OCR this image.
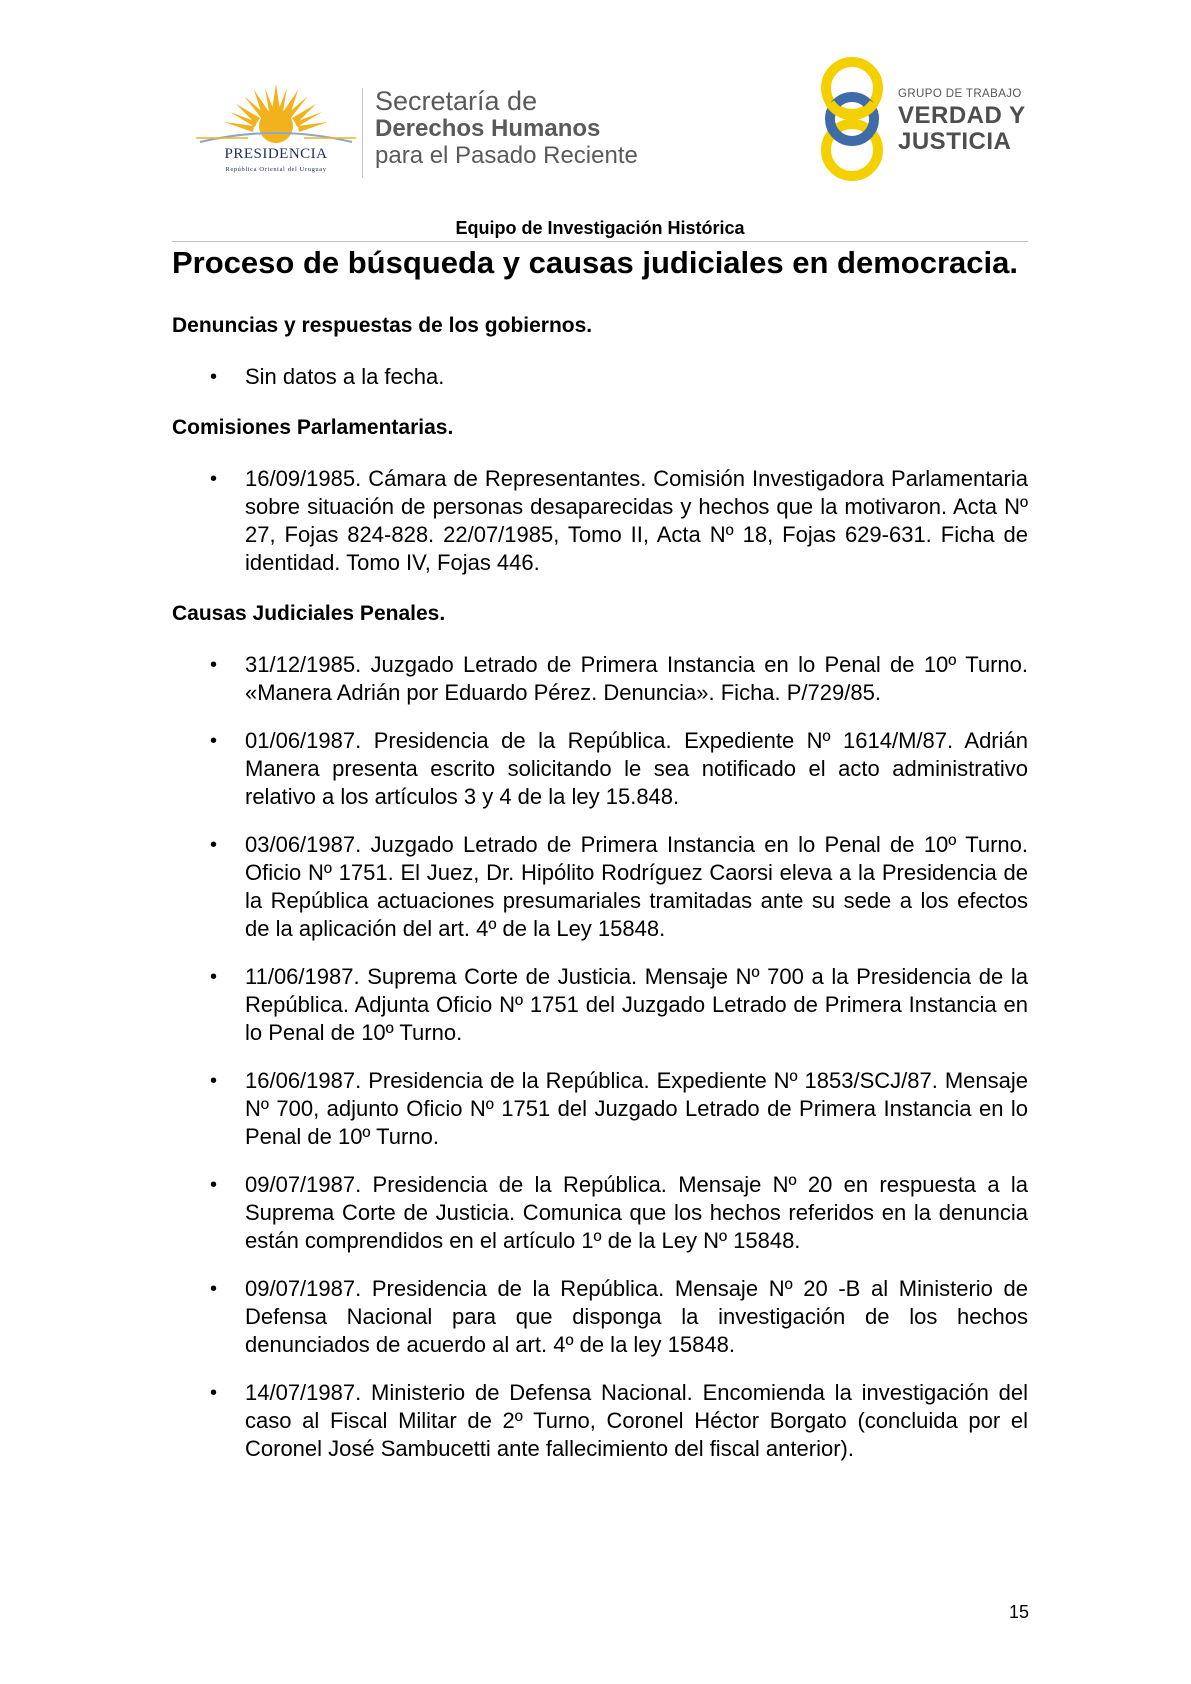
PRESIDENCIA
República Oriental del Uruguay
Secretaría de
Derechos Humanos
para el Pasado Reciente
GRUPO DE TRABAJO
VERDAD Y
JUSTICIA
Equipo de Investigación Histórica
Proceso de búsqueda y causas judiciales en democracia.
Denuncias y respuestas de los gobiernos.
• Sin datos a la fecha.
Comisiones Parlamentarias.
• 16/09/1985. Cámara de Representantes. Comisión Investigadora Parlamentaria sobre situación de personas desaparecidas y hechos que la motivaron. Acta Nº 27, Fojas 824-828. 22/07/1985, Tomo II, Acta Nº 18, Fojas 629-631. Ficha de identidad. Tomo IV, Fojas 446.
Causas Judiciales Penales.
• 31/12/1985. Juzgado Letrado de Primera Instancia en lo Penal de 10º Turno. «Manera Adrián por Eduardo Pérez. Denuncia». Ficha. P/729/85.
• 01/06/1987. Presidencia de la República. Expediente Nº 1614/M/87. Adrián Manera presenta escrito solicitando le sea notificado el acto administrativo relativo a los artículos 3 y 4 de la ley 15.848.
• 03/06/1987. Juzgado Letrado de Primera Instancia en lo Penal de 10º Turno. Oficio Nº 1751. El Juez, Dr. Hipólito Rodríguez Caorsi eleva a la Presidencia de la República actuaciones presumariales tramitadas ante su sede a los efectos de la aplicación del art. 4º de la Ley 15848.
• 11/06/1987. Suprema Corte de Justicia. Mensaje Nº 700 a la Presidencia de la República. Adjunta Oficio Nº 1751 del Juzgado Letrado de Primera Instancia en lo Penal de 10º Turno.
• 16/06/1987. Presidencia de la República. Expediente Nº 1853/SCJ/87. Mensaje Nº 700, adjunto Oficio Nº 1751 del Juzgado Letrado de Primera Instancia en lo Penal de 10º Turno.
• 09/07/1987. Presidencia de la República. Mensaje Nº 20 en respuesta a la Suprema Corte de Justicia. Comunica que los hechos referidos en la denuncia están comprendidos en el artículo 1º de la Ley Nº 15848.
• 09/07/1987. Presidencia de la República. Mensaje Nº 20 -B al Ministerio de Defensa Nacional para que disponga la investigación de los hechos denunciados de acuerdo al art. 4º de la ley 15848.
• 14/07/1987. Ministerio de Defensa Nacional. Encomienda la investigación del caso al Fiscal Militar de 2º Turno, Coronel Héctor Borgato (concluida por el Coronel José Sambucetti ante fallecimiento del fiscal anterior).
15
